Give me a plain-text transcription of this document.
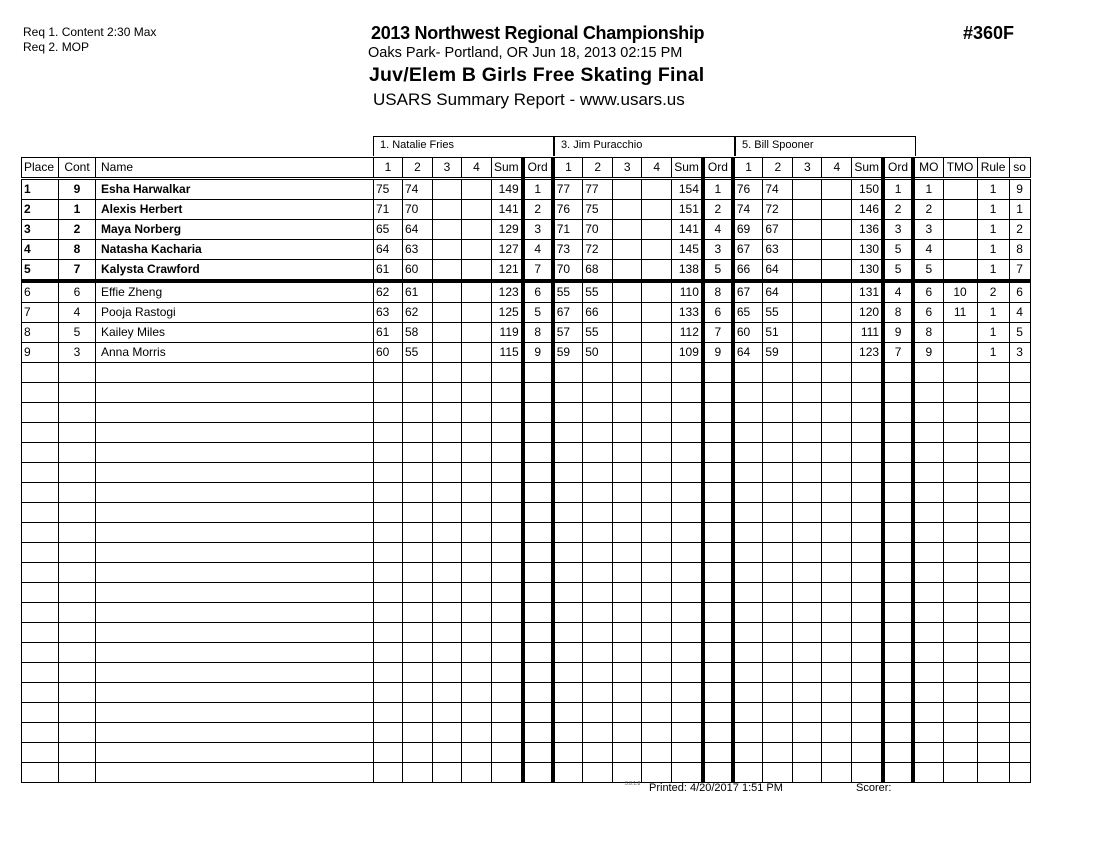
Req 1. Content 2:30 Max
Req 2. MOP
2013 Northwest Regional Championship
Oaks Park- Portland, OR Jun 18, 2013 02:15 PM
Juv/Elem B Girls Free Skating Final
USARS Summary Report - www.usars.us
#360F
1. Natalie Fries	3. Jim Puracchio	5. Bill Spooner
Place	Cont	Name	1	2	3	4	Sum	Ord	1	2	3	4	Sum	Ord	1	2	3	4	Sum	Ord	MO	TMO	Rule	so
1	9	Esha Harwalkar	75	74			149	1	77	77			154	1	76	74			150	1	1		1	9
2	1	Alexis Herbert	71	70			141	2	76	75			151	2	74	72			146	2	2		1	1
3	2	Maya Norberg	65	64			129	3	71	70			141	4	69	67			136	3	3		1	2
4	8	Natasha Kacharia	64	63			127	4	73	72			145	3	67	63			130	5	4		1	8
5	7	Kalysta Crawford	61	60			121	7	70	68			138	5	66	64			130	5	5		1	7
6	6	Effie Zheng	62	61			123	6	55	55			110	8	67	64			131	4	6	10	2	6
7	4	Pooja Rastogi	63	62			125	5	67	66			133	6	65	55			120	8	6	11	1	4
8	5	Kailey Miles	61	58			119	8	57	55			112	7	60	51			111	9	8		1	5
9	3	Anna Morris	60	55			115	9	59	50			109	9	64	59			123	7	9		1	3

3.8.1.8 Printed: 4/20/2017 1:51 PM	Scorer:
